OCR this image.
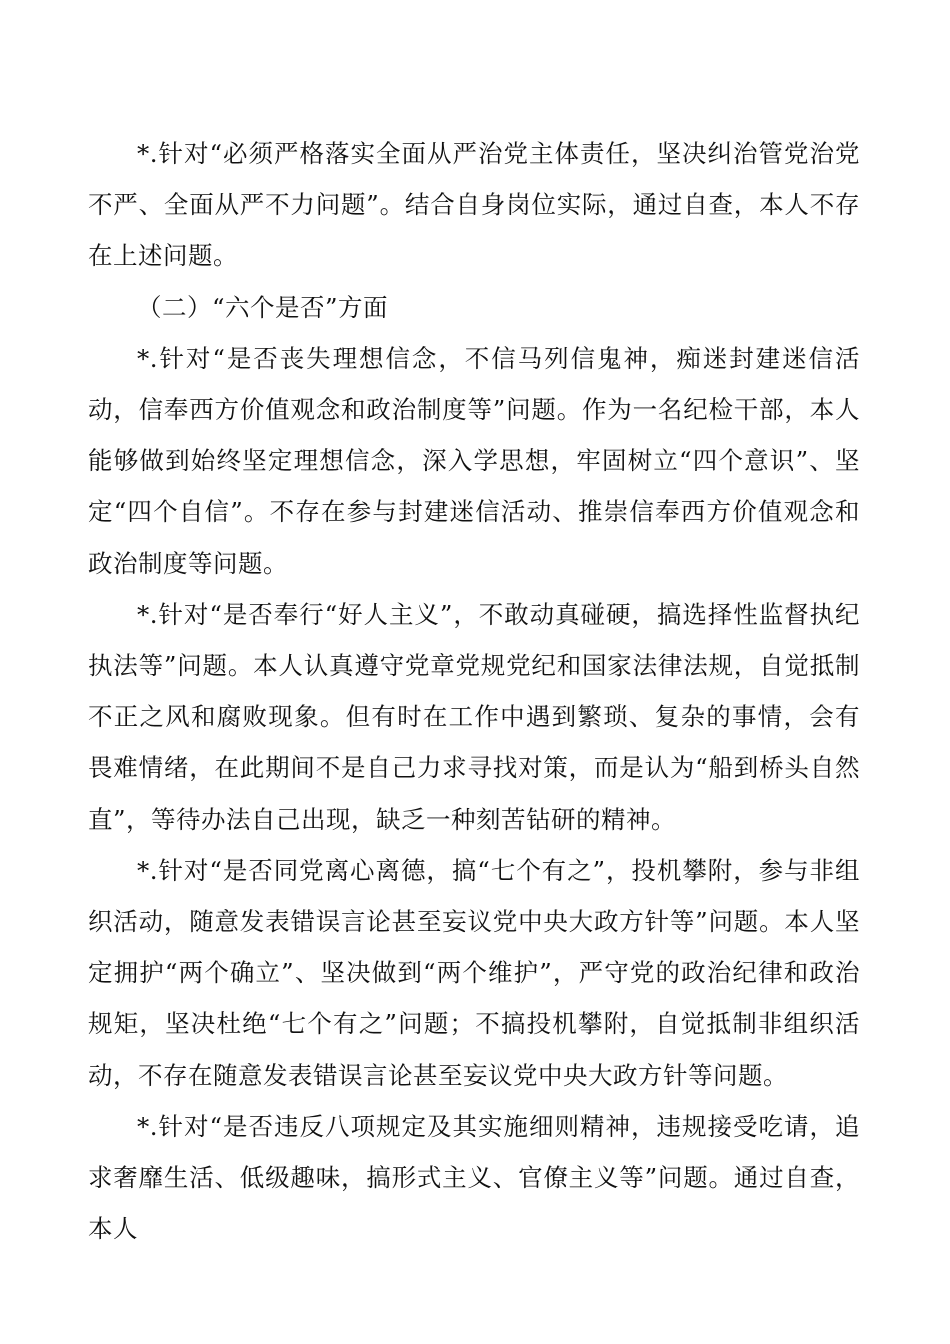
*.针对“必须严格落实全面从严治党主体责任，坚决纠治管党治党不严、全面从严不力问题”。结合自身岗位实际，通过自查，本人不存在上述问题。

（二）“六个是否”方面

*.针对“是否丧失理想信念，不信马列信鬼神，痴迷封建迷信活动，信奉西方价值观念和政治制度等”问题。作为一名纪检干部，本人能够做到始终坚定理想信念，深入学思想，牢固树立“四个意识”、坚定“四个自信”。不存在参与封建迷信活动、推崇信奉西方价值观念和政治制度等问题。

*.针对“是否奉行“好人主义”，不敢动真碰硬，搞选择性监督执纪执法等”问题。本人认真遵守党章党规党纪和国家法律法规，自觉抵制不正之风和腐败现象。但有时在工作中遇到繁琐、复杂的事情，会有畏难情绪，在此期间不是自己力求寻找对策，而是认为“船到桥头自然直”，等待办法自己出现，缺乏一种刻苦钻研的精神。

*.针对“是否同党离心离德，搞“七个有之”，投机攀附，参与非组织活动，随意发表错误言论甚至妄议党中央大政方针等”问题。本人坚定拥护“两个确立”、坚决做到“两个维护”，严守党的政治纪律和政治规矩，坚决杜绝“七个有之”问题；不搞投机攀附，自觉抵制非组织活动，不存在随意发表错误言论甚至妄议党中央大政方针等问题。

*.针对“是否违反八项规定及其实施细则精神，违规接受吃请，追求奢靡生活、低级趣味，搞形式主义、官僚主义等”问题。通过自查，本人
